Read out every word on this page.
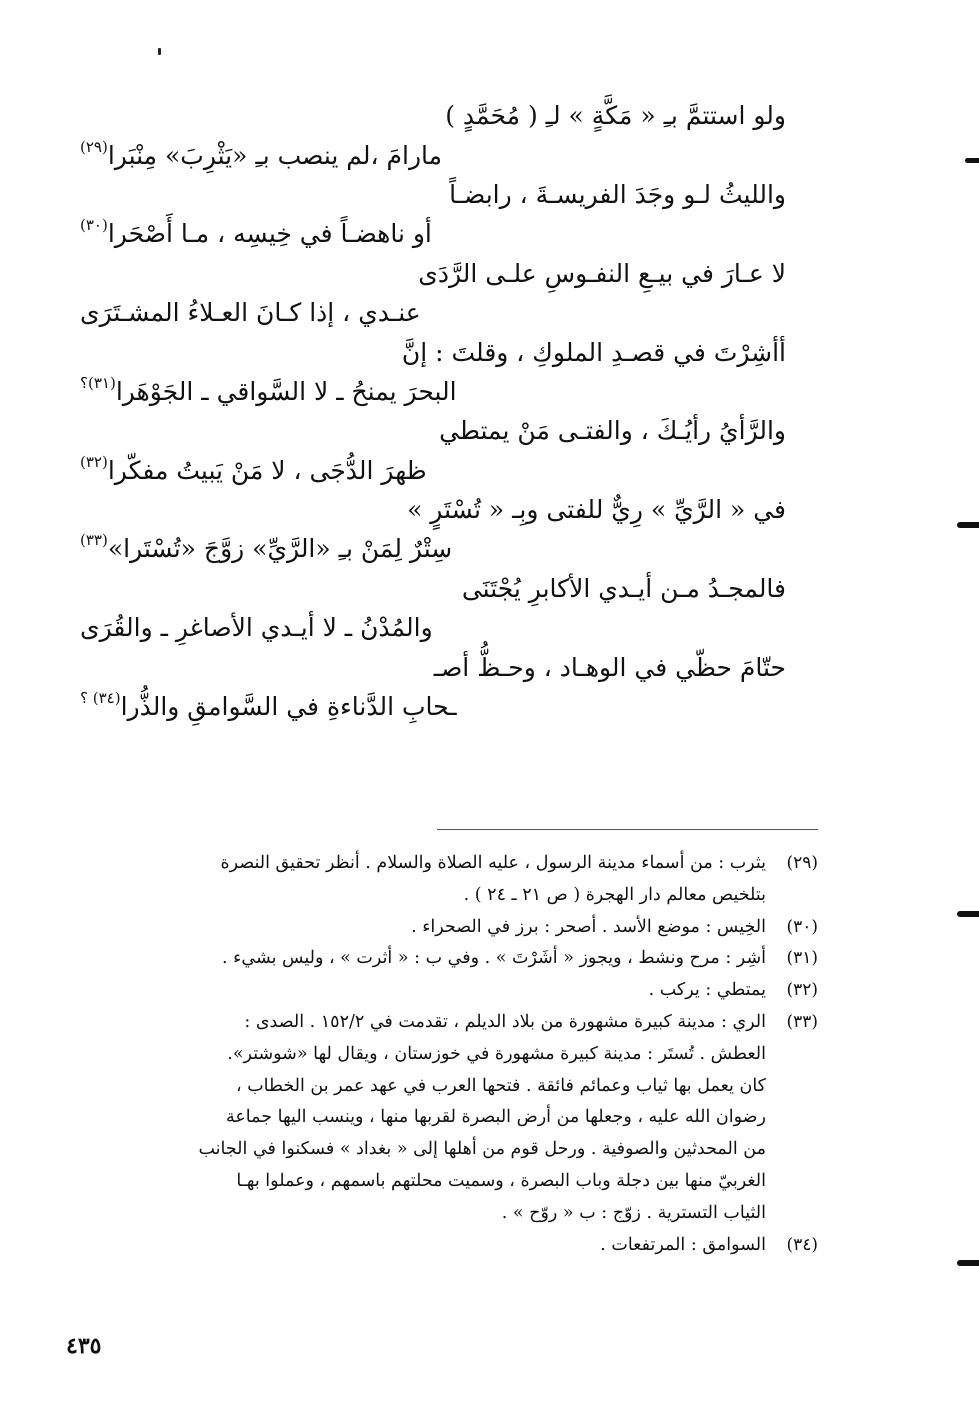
ولو استتمَّ بـِ « مَكَّةٍ » لـِ ( مُحَمَّدٍ )
مارامَ ،لم ينصب بـِ «يَثْرِبَ» مِنْبَرا
(٢٩)
والليثُ لـو وجَدَ الفريسـةَ ، رابضـاً
أو ناهضـاً في خِيسِه ، مـا أَصْحَرا
(٣٠)
لا عـارَ في بيـعِ النفـوسِ علـى الرَّدَى
عنـدي ، إذا كـانَ العـلاءُ المشـتَرَى
أأشِرْتَ في قصـدِ الملوكِ ، وقلتَ : إنَّ
البحرَ يمنحُ ـ لا السَّواقي ـ الجَوْهَرا
(٣١)؟
والرَّأيُ رأيُـكَ ، والفتـى مَنْ يمتطي
ظهرَ الدُّجَى ، لا مَنْ يَبيتُ مفكّرا
(٣٢)
في « الرَّيِّ » رِيٌّ للفتى وبِـ « تُسْتَرٍ »
سِتْرٌ لِمَنْ بـِ «الرَّيِّ» زوَّجَ «تُسْتَرا»
(٣٣)
فالمجـدُ مـن أيـدي الأكابرِ يُجْتَنَى
والمُدْنُ ـ لا أيـدي الأصاغرِ ـ والقُرَى
حتّامَ حظّي في الوهـاد ، وحـظُّ أصـ
ـحابِ الدَّناءةِ في السَّوامقِ والذُّرا
(٣٤) ؟
(٢٩)
يثرب : من أسماء مدينة الرسول ، عليه الصلاة والسلام . أنظر تحقيق النصرة
بتلخيص معالم دار الهجرة ( ص ٢١ ـ ٢٤ ) .
(٣٠)
الخِيس : موضع الأسد . أصحر : برز في الصحراء .
(٣١)
أشِر : مرح ونشط ، ويجوز « أشَرْتَ » . وفي ب : « أثرت » ، وليس بشيء .
(٣٢)
يمتطي : يركب .
(٣٣)
الري : مدينة كبيرة مشهورة من بلاد الديلم ، تقدمت في ١٥٢/٢ . الصدى :
العطش . تُستَر : مدينة كبيرة مشهورة في خوزستان ، ويقال لها «شوشتر».
كان يعمل بها ثياب وعمائم فائقة . فتحها العرب في عهد عمر بن الخطاب ،
رضوان الله عليه ، وجعلها من أرض البصرة لقربها منها ، وينسب اليها جماعة
من المحدثين والصوفية . ورحل قوم من أهلها إلى « بغداد » فسكنوا في الجانب
الغربيّ منها بين دجلة وباب البصرة ، وسميت محلتهم باسمهم ، وعملوا بهـا
الثياب التسترية . زوّج : ب « روّح » .
(٣٤)
السوامق : المرتفعات .
٤٣٥
